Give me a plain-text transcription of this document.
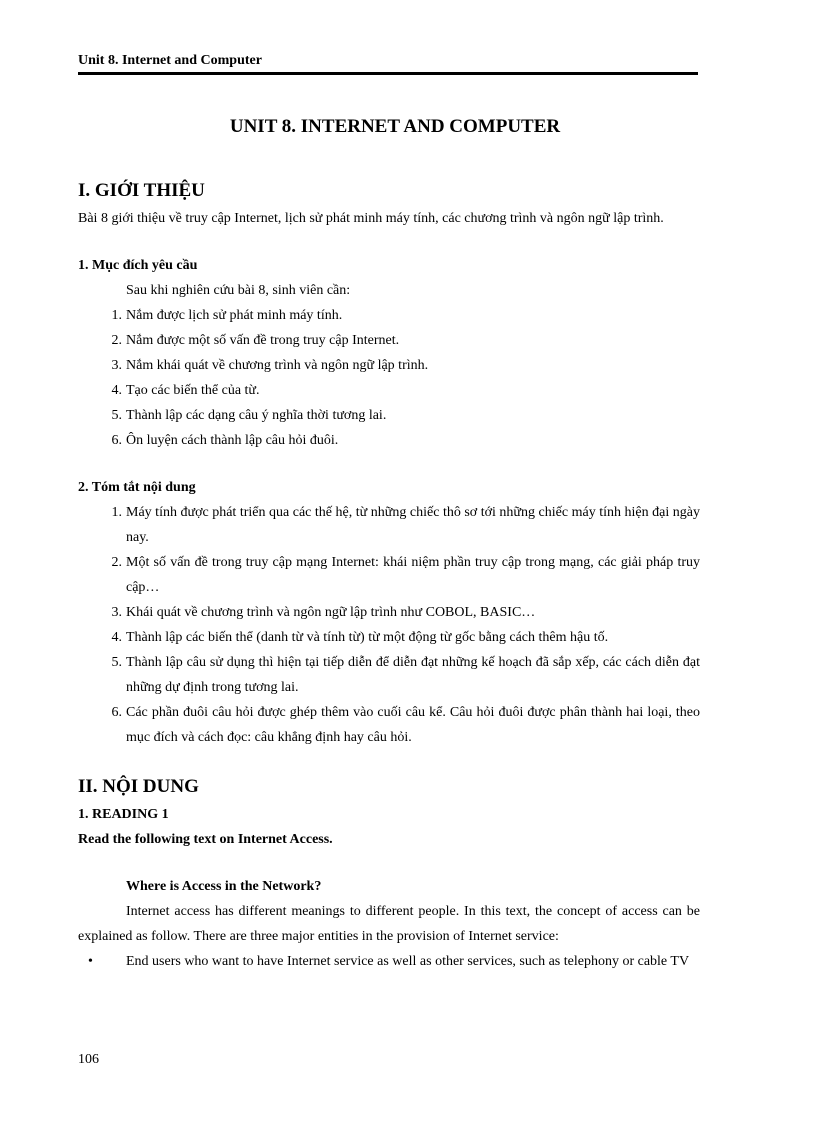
Unit 8. Internet and Computer
UNIT 8. INTERNET AND COMPUTER
I. GIỚI THIỆU

Bài 8 giới thiệu về truy cập Internet, lịch sử phát minh máy tính, các chương trình và ngôn ngữ lập trình.

1. Mục đích yêu cầu

Sau khi nghiên cứu bài 8, sinh viên cần:

1. Nắm được lịch sử phát minh máy tính.
2. Nắm được một số vấn đề trong truy cập Internet.
3. Nắm khái quát về chương trình và ngôn ngữ lập trình.
4. Tạo các biến thể của từ.
5. Thành lập các dạng câu ý nghĩa thời tương lai.
6. Ôn luyện cách thành lập câu hỏi đuôi.
2. Tóm tắt nội dung
1. Máy tính được phát triển qua các thế hệ, từ những chiếc thô sơ tới những chiếc máy tính hiện đại ngày nay.
2. Một số vấn đề trong truy cập mạng Internet: khái niệm phần truy cập trong mạng, các giải pháp truy cập…
3. Khái quát về chương trình và ngôn ngữ lập trình như COBOL, BASIC…
4. Thành lập các biến thể (danh từ và tính từ) từ một động từ gốc bằng cách thêm hậu tố.
5. Thành lập câu sử dụng thì hiện tại tiếp diễn để diễn đạt những kế hoạch đã sắp xếp, các cách diễn đạt những dự định trong tương lai.
6. Các phần đuôi câu hỏi được ghép thêm vào cuối câu kể. Câu hỏi đuôi được phân thành hai loại, theo mục đích và cách đọc: câu khẳng định hay câu hỏi.
II. NỘI DUNG
1. READING 1
Read the following text on Internet Access.
Where is Access in the Network?

Internet access has different meanings to different people. In this text, the concept of access can be explained as follow. There are three major entities in the provision of Internet service:

• End users who want to have Internet service as well as other services, such as telephony or cable TV
106
